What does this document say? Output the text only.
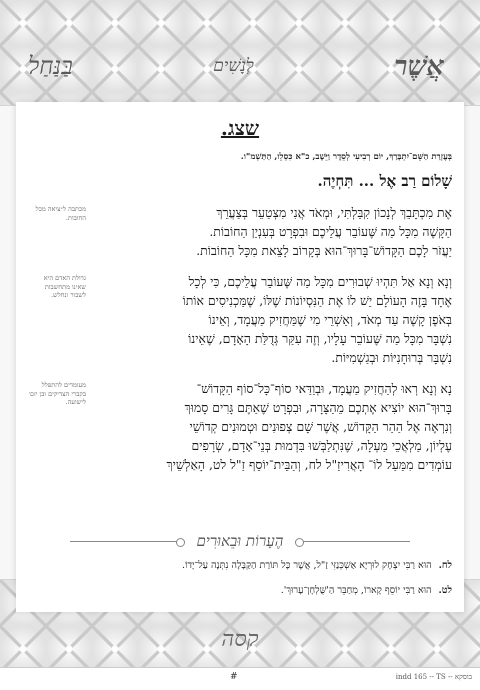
אֲשֶׁר
לְנָשִׁים
בַּנַּחַל
שצג.
בְּעֶזְרַת הַשֵּׁם־יִתְבָּרַךְ, יוֹם רְבִיעִי לְסֵדֶר וַיֵּשֶׁב, כ"א כִּסְלֵו, הַתַּשְׁמ"ו.
שָׁלוֹם רַב אֶל ... תִּחְיֶה.
אֶת מִכְתָּבֵךְ לְנָכוֹן קִבַּלְתִּי, וּמְאֹד אֲנִי מִצְטַעֵר בְּצַעֲרֵךְ
הַקָּשֶׁה מִכָּל מַה שֶּׁעוֹבֵר עֲלֵיכֶם וּבִפְרָט בְּעִנְיַן הַחוֹבוֹת.
יַעֲזֹר לָכֶם הַקָּדוֹשׁ־בָּרוּךְ־הוּא בְּקָרוֹב לָצֵאת מִכָּל הַחוֹבוֹת.
מכתבה ל״ציאה מכל החובות.
וְנָא וְנָא אַל תִּהְיוּ שְׁבוּרִים מִכָּל מַה שֶּׁעוֹבֵר עֲלֵיכֶם, כִּי לְכָל
אֶחָד בָּזֶה הָעוֹלָם יֵשׁ לוֹ אֶת הַנִּסְיוֹנוֹת שֶׁלּוֹ, שֶׁמַּכְנִיסִים אוֹתוֹ
בְּאֹפֶן קָשֶׁה עַד מְאֹד, וְאַשְׁרֵי מִי שֶׁמַּחֲזִיק מַעֲמָד, וְאֵינוֹ
נִשְׁבָּר מִכָּל מַה שֶּׁעוֹבֵר עָלָיו, וְזֶה עִקַּר גְּדֻלַּת הָאָדָם, שֶׁאֵינוֹ
נִשְׁבָּר בְּרוּחָנִיּוֹת וּבְגַשְׁמִיּוֹת.
גדולת האדם היא שאינו מתחשבות לשבור ונחלש.
נָא וְנָא רְאוּ לְהַחֲזִיק מַעֲמָד, וּבְוַדַּאי סוֹף־כָּל־סוֹף הַקָּדוֹשׁ־
בָּרוּךְ־הוּא יוֹצִיא אֶתְכֶם מֵהַצָּרָה, וּבִפְרָט שֶׁאַתֶּם גָּרִים סָמוּךְ
וְנִרְאֶה אֶל הַהַר הַקָּדוֹשׁ, אֲשֶׁר שָׁם צְפוּנִים וּטְמוּנִים קְדוֹשֵׁי
עֶלְיוֹן, מַלְאֲכֵי מַעְלָה, שֶׁנִּתְלַבְּשׁוּ בִּדְמוּת בְּנֵי־אָדָם, שְׂרָפִים
עוֹמְדִים מִמַּעַל לוֹ־ הָאֲרִיזַ"ל לח, וְהַבֵּית־יוֹסֵף זַ"ל לט, הָאַלְשֵׁיךְ
מעומדים להתפלל בקברי הצדיקים ובן יזכו לישועה.
הֶעָרוֹת וּבֵאוּרִים
לח. הוּא רַבִּי יִצְחָק לוּרְיָא אַשְׁכְּנַזִּי זַ"ל, אֲשֶׁר כָּל תּוֹרַת הַקַּבָּלָה נִתְּנָה עַל־יָדוֹ.
לט. הוּא רַבִּי יוֹסֵף קָארוֹ, מְחַבֵּר הַ'שֻּׁלְחָן־עָרוּךְ'.
קסה
#	indd 165 -- TS -- בוסקא
